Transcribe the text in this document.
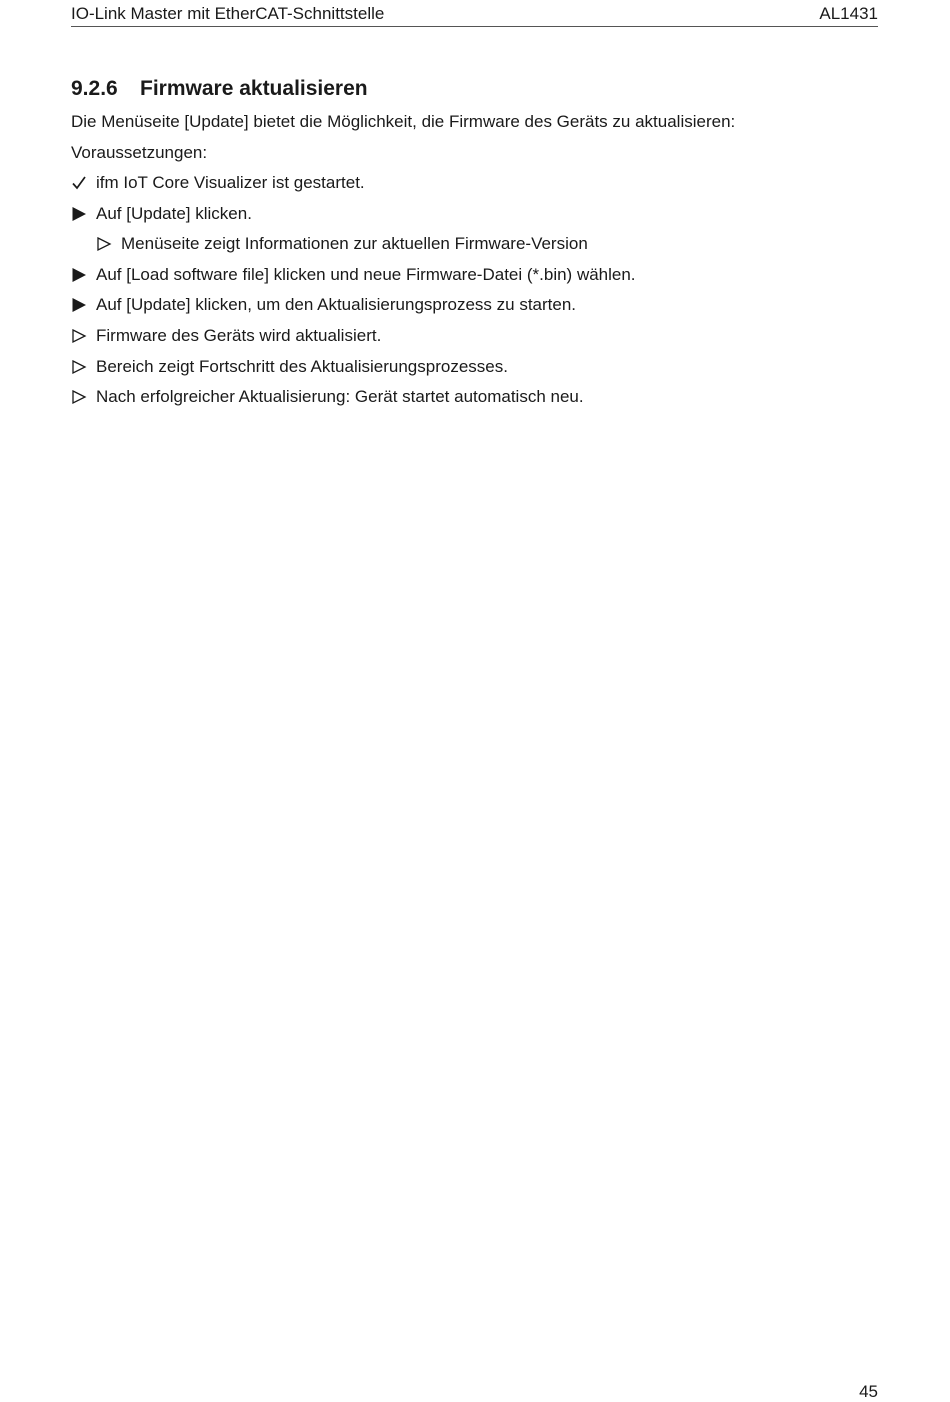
IO-Link Master mit EtherCAT-Schnittstelle	AL1431
9.2.6 Firmware aktualisieren
Die Menüseite [Update] bietet die Möglichkeit, die Firmware des Geräts zu aktualisieren:
Voraussetzungen:
ifm IoT Core Visualizer ist gestartet.
Auf [Update] klicken.
Menüseite zeigt Informationen zur aktuellen Firmware-Version
Auf [Load software file] klicken und neue Firmware-Datei (*.bin) wählen.
Auf [Update] klicken, um den Aktualisierungsprozess zu starten.
Firmware des Geräts wird aktualisiert.
Bereich zeigt Fortschritt des Aktualisierungsprozesses.
Nach erfolgreicher Aktualisierung: Gerät startet automatisch neu.
45
